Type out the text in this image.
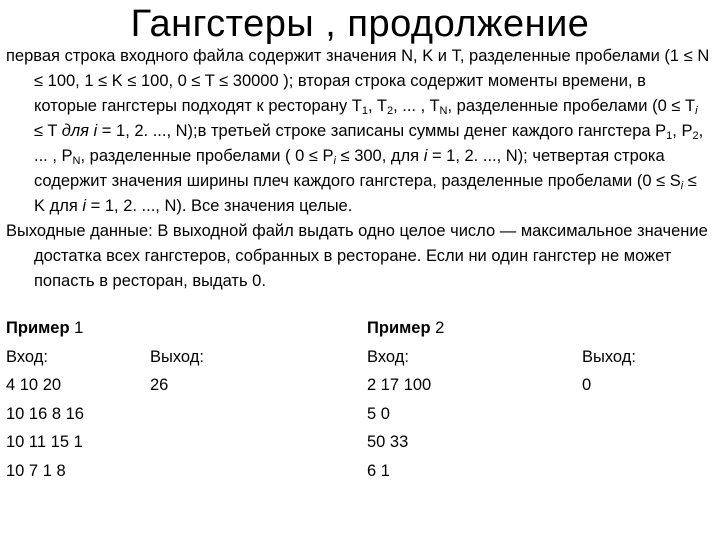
Гангстеры , продолжение
первая строка входного файла содержит значения N, K и T, разделенные пробелами (1 ≤ N ≤ 100, 1 ≤ K ≤ 100, 0 ≤ T ≤ 30000 ); вторая строка содержит моменты времени, в которые гангстеры подходят к ресторану $T_1$, $T_2$, ... , $T_N$, разделенные пробелами ($0 \le T_i \le T$ для i = 1, 2. ..., N);в третьей строке записаны суммы денег каждого гангстера $P_1$, $P_2$, ... , $P_N$, разделенные пробелами ( $0 \le P_i \le 300$, для i = 1, 2. ..., N); четвертая строка содержит значения ширины плеч каждого гангстера, разделенные пробелами ($0 \le S_i \le K$ для i = 1, 2. ..., N). Все значения целые.
Выходные данные: В выходной файл выдать одно целое число — максимальное значение достатка всех гангстеров, собранных в ресторане. Если ни один гангстер не может попасть в ресторан, выдать 0.
Пример 1
Вход:	Выход:
4 10 20
10 16 8 16
10 11 15 1
10 7 1 8
26
Пример 2
Вход:	Выход:
2 17 100
5 0
50 33
6 1
0
